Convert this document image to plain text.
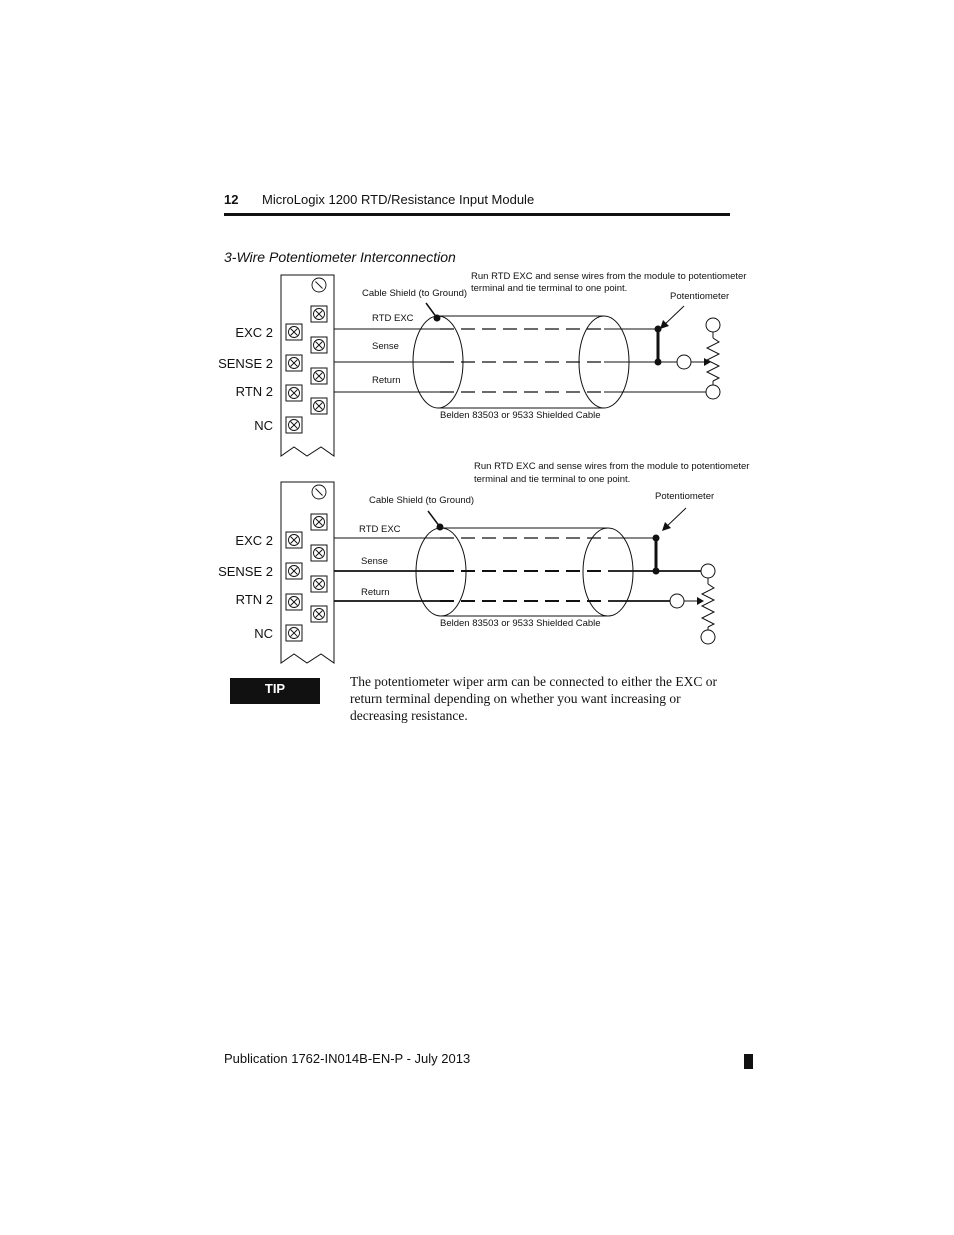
12 MicroLogix 1200 RTD/Resistance Input Module
3-Wire Potentiometer Interconnection
EXC 2
SENSE 2
RTN 2
NC
Run RTD EXC and sense wires from the module to potentiometer
terminal and tie terminal to one point.
Cable Shield (to Ground)	Potentiometer
RTD EXC
Sense
Return
Belden 83503 or 9533 Shielded Cable
EXC 2
SENSE 2
RTN 2
NC
Run RTD EXC and sense wires from the module to potentiometer
terminal and tie terminal to one point.
Cable Shield (to Ground)	Potentiometer
RTD EXC
Sense
Return
Belden 83503 or 9533 Shielded Cable
TIP	The potentiometer wiper arm can be connected to either the EXC or return terminal depending on whether you want increasing or decreasing resistance.
Publication 1762-IN014B-EN-P - July 2013
